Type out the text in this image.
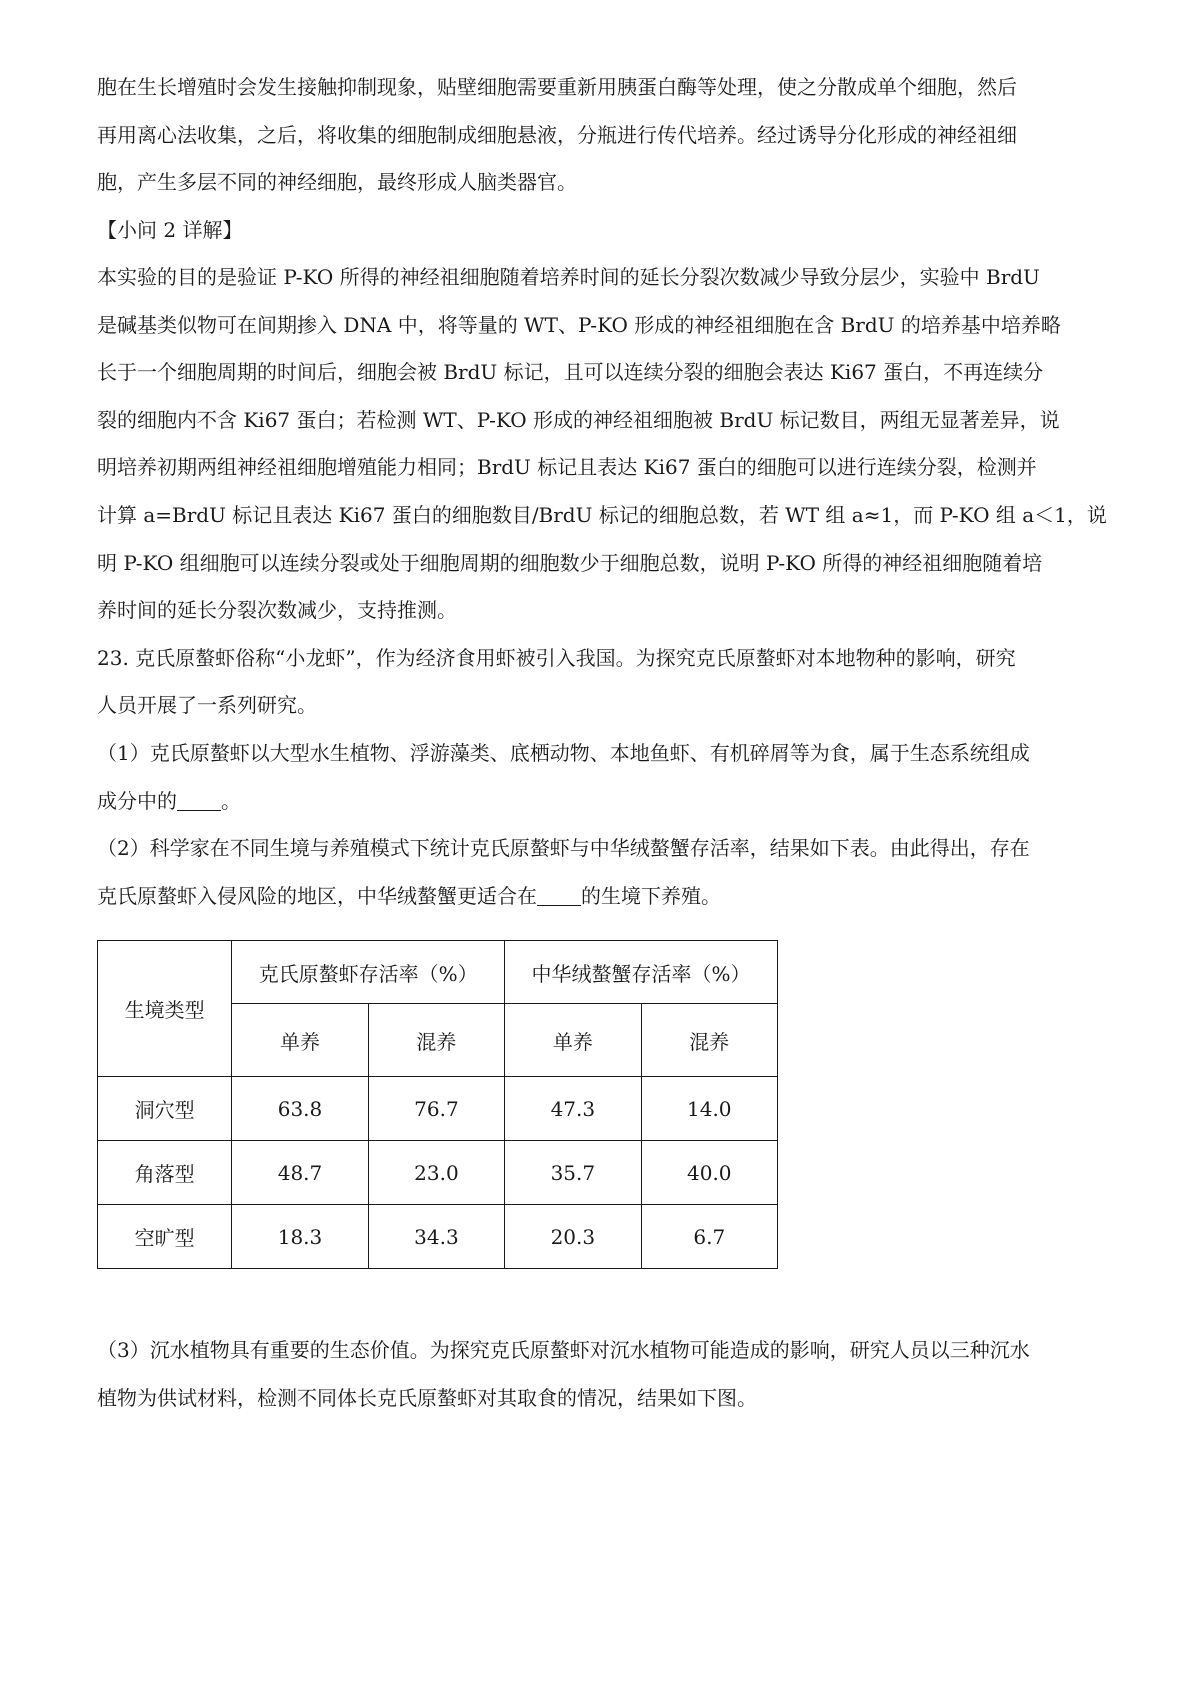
胞在生长增殖时会发生接触抑制现象，贴壁细胞需要重新用胰蛋白酶等处理，使之分散成单个细胞，然后
再用离心法收集，之后，将收集的细胞制成细胞悬液，分瓶进行传代培养。经过诱导分化形成的神经祖细
胞，产生多层不同的神经细胞，最终形成人脑类器官。
【小问 2 详解】
本实验的目的是验证 P-KO 所得的神经祖细胞随着培养时间的延长分裂次数减少导致分层少，实验中 BrdU
是碱基类似物可在间期掺入 DNA 中，将等量的 WT、P-KO 形成的神经祖细胞在含 BrdU 的培养基中培养略
长于一个细胞周期的时间后，细胞会被 BrdU 标记，且可以连续分裂的细胞会表达 Ki67 蛋白，不再连续分
裂的细胞内不含 Ki67 蛋白；若检测 WT、P-KO 形成的神经祖细胞被 BrdU 标记数目，两组无显著差异，说
明培养初期两组神经祖细胞增殖能力相同；BrdU 标记且表达 Ki67 蛋白的细胞可以进行连续分裂，检测并
计算 a=BrdU 标记且表达 Ki67 蛋白的细胞数目/BrdU 标记的细胞总数，若 WT 组 a≈1，而 P-KO 组 a＜1，说
明 P-KO 组细胞可以连续分裂或处于细胞周期的细胞数少于细胞总数，说明 P-KO 所得的神经祖细胞随着培
养时间的延长分裂次数减少，支持推测。
23. 克氏原螯虾俗称“小龙虾”，作为经济食用虾被引入我国。为探究克氏原螯虾对本地物种的影响，研究
人员开展了一系列研究。
（1）克氏原螯虾以大型水生植物、浮游藻类、底栖动物、本地鱼虾、有机碎屑等为食，属于生态系统组成
成分中的 。
（2）科学家在不同生境与养殖模式下统计克氏原螯虾与中华绒螯蟹存活率，结果如下表。由此得出，存在
克氏原螯虾入侵风险的地区，中华绒螯蟹更适合在 的生境下养殖。
生境类型	克氏原螯虾存活率（%）		中华绒螯蟹存活率（%）	
	单养	混养	单养	混养
洞穴型	63.8	76.7	47.3	14.0
角落型	48.7	23.0	35.7	40.0
空旷型	18.3	34.3	20.3	6.7
（3）沉水植物具有重要的生态价值。为探究克氏原螯虾对沉水植物可能造成的影响，研究人员以三种沉水
植物为供试材料，检测不同体长克氏原螯虾对其取食的情况，结果如下图。
